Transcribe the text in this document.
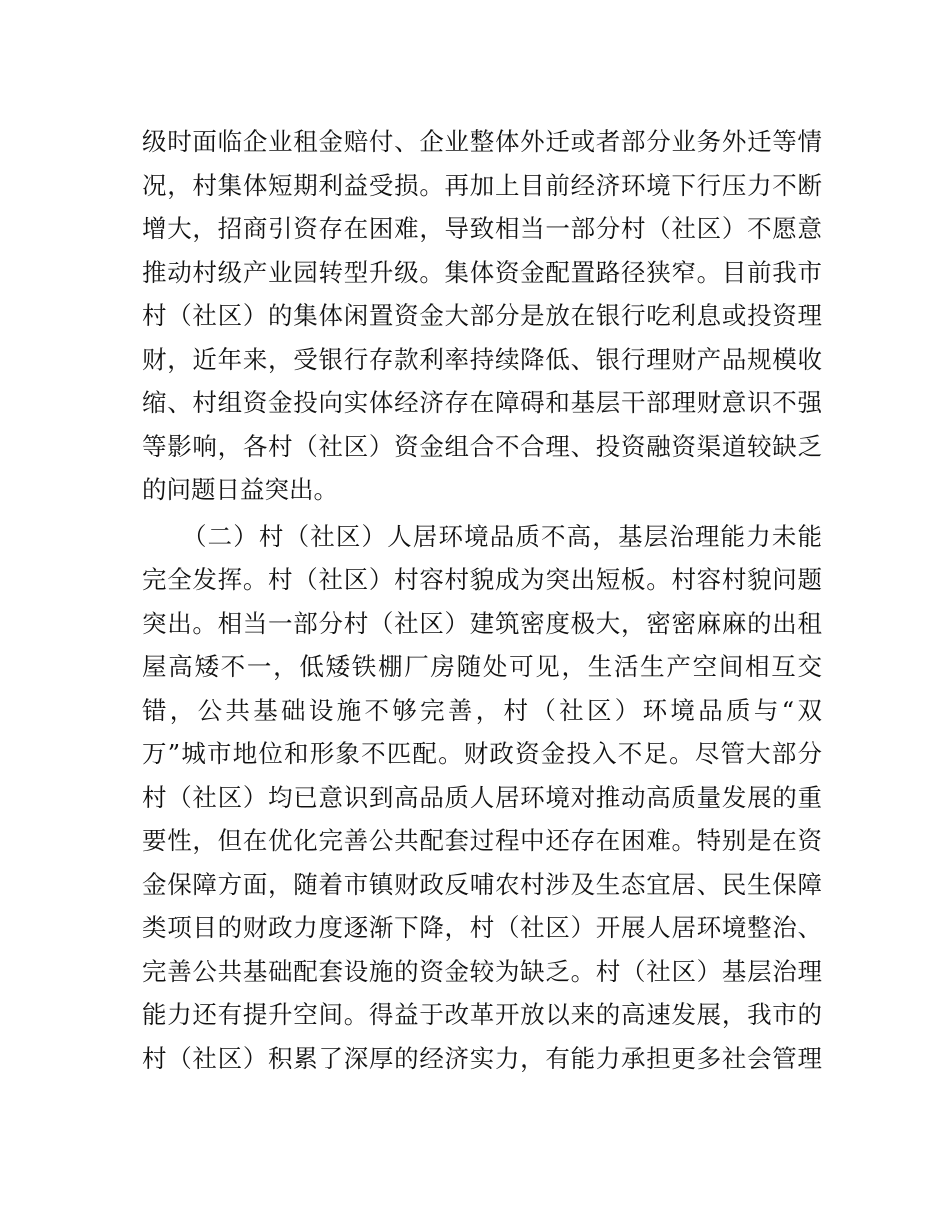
级时面临企业租金赔付、企业整体外迁或者部分业务外迁等情
况，村集体短期利益受损。再加上目前经济环境下行压力不断
增大，招商引资存在困难，导致相当一部分村（社区）不愿意
推动村级产业园转型升级。集体资金配置路径狭窄。目前我市
村（社区）的集体闲置资金大部分是放在银行吃利息或投资理
财，近年来，受银行存款利率持续降低、银行理财产品规模收
缩、村组资金投向实体经济存在障碍和基层干部理财意识不强
等影响，各村（社区）资金组合不合理、投资融资渠道较缺乏
的问题日益突出。
（二）村（社区）人居环境品质不高，基层治理能力未能
完全发挥。村（社区）村容村貌成为突出短板。村容村貌问题
突出。相当一部分村（社区）建筑密度极大，密密麻麻的出租
屋高矮不一，低矮铁棚厂房随处可见，生活生产空间相互交
错，公共基础设施不够完善，村（社区）环境品质与“双
万”城市地位和形象不匹配。财政资金投入不足。尽管大部分
村（社区）均已意识到高品质人居环境对推动高质量发展的重
要性，但在优化完善公共配套过程中还存在困难。特别是在资
金保障方面，随着市镇财政反哺农村涉及生态宜居、民生保障
类项目的财政力度逐渐下降，村（社区）开展人居环境整治、
完善公共基础配套设施的资金较为缺乏。村（社区）基层治理
能力还有提升空间。得益于改革开放以来的高速发展，我市的
村（社区）积累了深厚的经济实力，有能力承担更多社会管理
